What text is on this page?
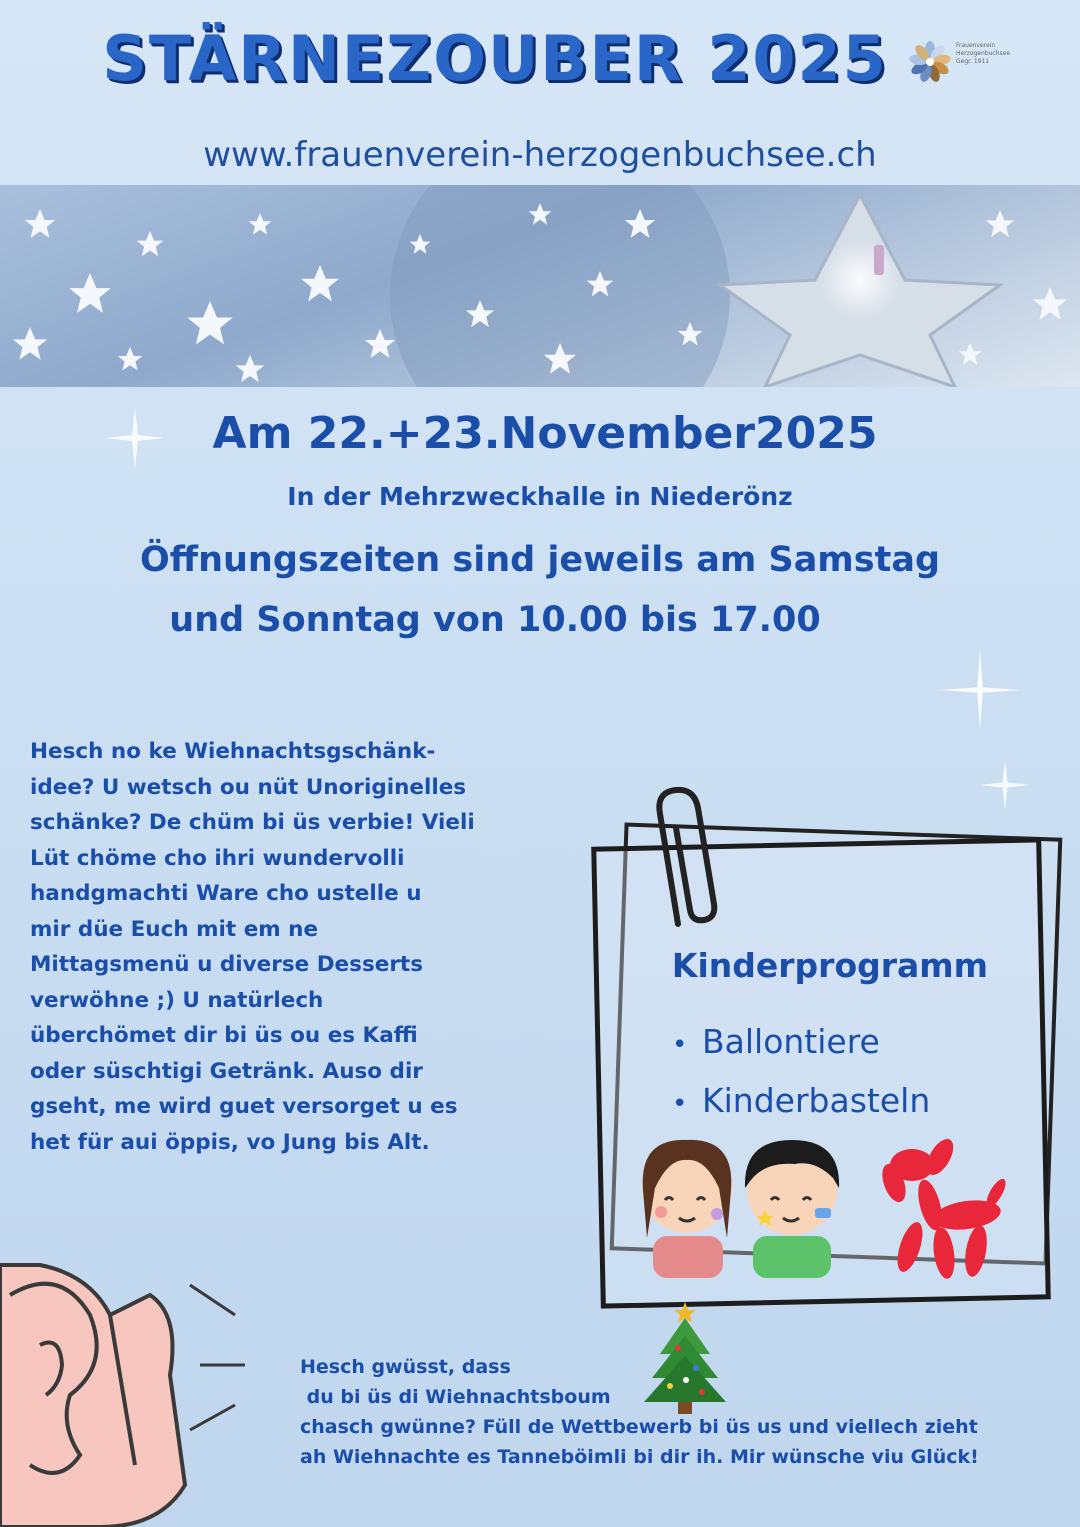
STÄRNEZOUBER 2025	Frauenverein Herzogenbuchsee
Gegr. 1911
www.frauenverein-herzogenbuchsee.ch
Am 22.+23.November2025
In der Mehrzweckhalle in Niederönz
Öffnungszeiten sind jeweils am Samstag
und Sonntag von 10.00 bis 17.00
Hesch no ke Wiehnachtsgschänk-
idee? U wetsch ou nüt Unoriginelles
schänke? De chüm bi üs verbie! Vieli
Lüt chöme cho ihri wundervolli
handgmachti Ware cho ustelle u
mir düe Euch mit em ne
Mittagsmenü u diverse Desserts
verwöhne ;) U natürlech
überchömet dir bi üs ou es Kaffi
oder süschtigi Getränk. Auso dir
gseht, me wird guet versorget u es
het für aui öppis, vo Jung bis Alt.
Kinderprogramm
• Ballontiere
• Kinderbasteln
Hesch gwüsst, dass
du bi üs di Wiehnachtsboum
chasch gwünne? Füll de Wettbewerb bi üs us und viellech zieht
ah Wiehnachte es Tanneböimli bi dir ih. Mir wünsche viu Glück!
